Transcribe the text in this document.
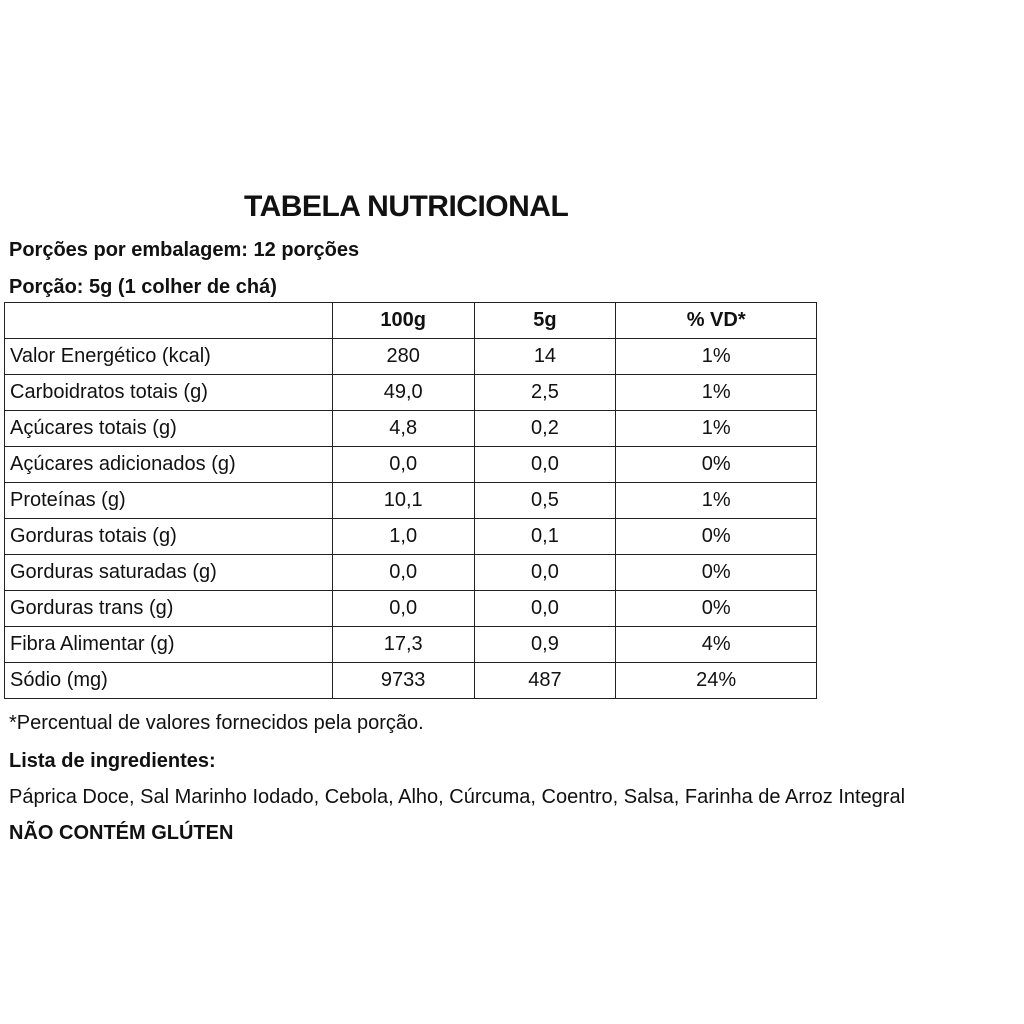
TABELA NUTRICIONAL
Porções por embalagem: 12 porções
Porção: 5g (1 colher de chá)
	100g	5g	% VD*
Valor Energético (kcal)	280	14	1%
Carboidratos totais (g)	49,0	2,5	1%
Açúcares totais (g)	4,8	0,2	1%
Açúcares adicionados (g)	0,0	0,0	0%
Proteínas (g)	10,1	0,5	1%
Gorduras totais (g)	1,0	0,1	0%
Gorduras saturadas (g)	0,0	0,0	0%
Gorduras trans (g)	0,0	0,0	0%
Fibra Alimentar (g)	17,3	0,9	4%
Sódio (mg)	9733	487	24%
*Percentual de valores fornecidos pela porção.
Lista de ingredientes:
Páprica Doce, Sal Marinho Iodado, Cebola, Alho, Cúrcuma, Coentro, Salsa, Farinha de Arroz Integral
NÃO CONTÉM GLÚTEN
